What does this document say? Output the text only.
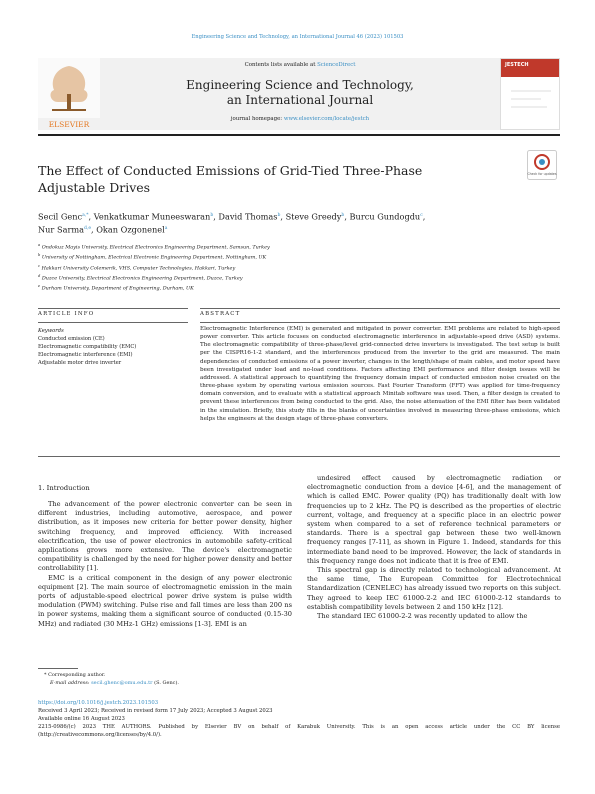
Engineering Science and Technology, an International Journal 46 (2023) 101503
ELSEVIER
Contents lists available at ScienceDirect
Engineering Science and Technology,
an International Journal
journal homepage: www.elsevier.com/locate/jestch
JESTECH
The Effect of Conducted Emissions of Grid-Tied Three-Phase
Adjustable Drives
Check for updates
Secil Genc$^{a,*}$, Venkatkumar Muneeswaran$^b$, David Thomas$^b$, Steve Greedy$^b$, Burcu Gundogdu$^c$,
Nur Sarma$^{d,e}$, Okan Ozgonenel$^a$
$^a$ Ondokuz Mayis University, Electrical Electronics Engineering Department, Samsun, Turkey
$^b$ University of Nottingham, Electrical Electronic Engineering Department, Nottingham, UK
$^c$ Hakkari University Colemerik, VHS, Computer Technologies, Hakkari, Turkey
$^d$ Duzce University, Electrical Electronics Engineering Department, Duzce, Turkey
$^e$ Durham University, Department of Engineering, Durham, UK
ARTICLE INFO	ABSTRACT
Keywords
Conducted emission (CE)
Electromagnetic compatibility (EMC)
Electromagnetic interference (EMI)
Adjustable motor drive inverter
Electromagnetic Interference (EMI) is generated and mitigated in power converter. EMI problems are related to high-speed power converter. This article focuses on conducted electromagnetic interference in adjustable-speed drive (ASD) systems. The electromagnetic compatibility of three-phase/level grid-connected drive inverters is investigated. The test setup is built per the CISPR16-1-2 standard, and the interferences produced from the inverter to the grid are measured. The main dependencies of conducted emissions of a power inverter, changes in the length/shape of main cables, and motor speed have been investigated under load and no-load conditions. Factors affecting EMI performance and filter design issues will be addressed. A statistical approach to quantifying the frequency domain impact of conducted emission noise created on the three-phase system by operating various emission sources. Fast Fourier Transform (FFT) was applied for time-frequency domain conversion, and to evaluate with a statistical approach Minitab software was used. Then, a filter design is created to prevent these interferences from being conducted to the grid. Also, the noise attenuation of the EMI filter has been validated in the simulation. Briefly, this study fills in the blanks of uncertainties involved in measuring three-phase emissions, which helps the engineers at the design stage of three-phase converters.
1. Introduction

The advancement of the power electronic converter can be seen in different industries, including automotive, aerospace, and power distribution, as it imposes new criteria for better power density, higher switching frequency, and improved efficiency. With increased electrification, the use of power electronics in automobile safety-critical applications grows more extensive. The device's electromagnetic compatibility is challenged by the need for higher power density and better controllability [1].

EMC is a critical component in the design of any power electronic equipment [2]. The main source of electromagnetic emission in the main ports of adjustable-speed electrical power drive system is pulse width modulation (PWM) switching. Pulse rise and fall times are less than 200 ns in power systems, making them a significant source of conducted (0.15-30 MHz) and radiated (30 MHz-1 GHz) emissions [1-3]. EMI is an

undesired effect caused by electromagnetic radiation or electromagnetic conduction from a device [4-6], and the management of which is called EMC. Power quality (PQ) has traditionally dealt with low frequencies up to 2 kHz. The PQ is described as the properties of electric current, voltage, and frequency at a specific place in an electric power system when compared to a set of reference technical parameters or standards. There is a spectral gap between these two well-known frequency ranges [7-11], as shown in Figure 1. Indeed, standards for this intermediate band need to be improved. However, the lack of standards in this frequency range does not indicate that it is free of EMI.

This spectral gap is directly related to technological advancement. At the same time, The European Committee for Electrotechnical Standardization (CENELEC) has already issued two reports on this subject. They agreed to keep IEC 61000-2-2 and IEC 61000-2-12 standards to establish compatibility levels between 2 and 150 kHz [12].

The standard IEC 61000-2-2 was recently updated to allow the

* Corresponding author.
E-mail address: secil.ghenc@omu.edu.tr (S. Genc).
https://doi.org/10.1016/j.jestch.2023.101503
Received 3 April 2023; Received in revised form 17 July 2023; Accepted 3 August 2023
Available online 16 August 2023
2215-0986/(c) 2023 THE AUTHORS. Published by Elsevier BV on behalf of Karabuk University. This is an open access article under the CC BY license (http://creativecommons.org/licenses/by/4.0/).
